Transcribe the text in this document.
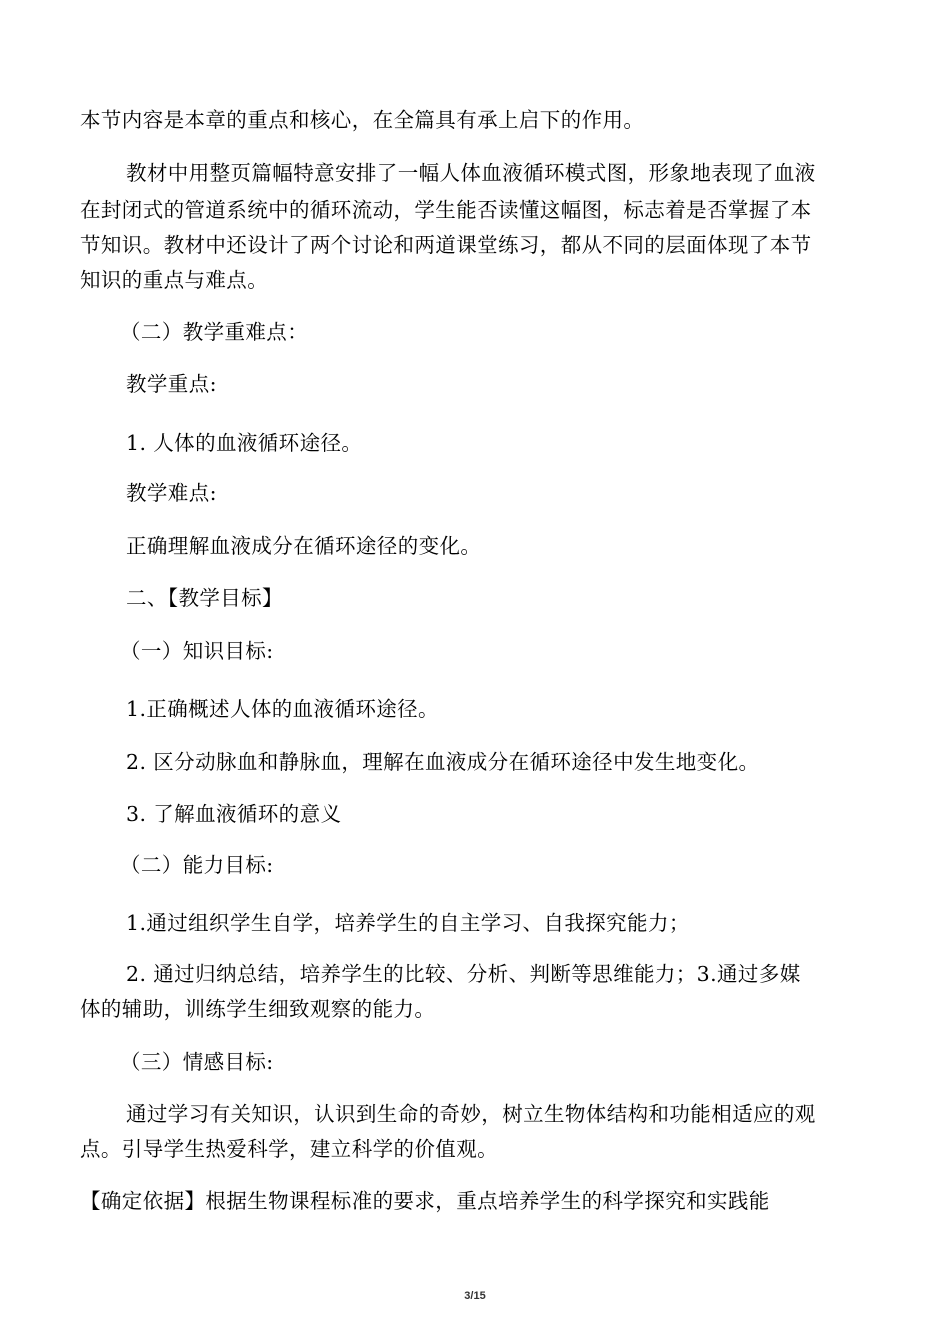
本节内容是本章的重点和核心，在全篇具有承上启下的作用。
教材中用整页篇幅特意安排了一幅人体血液循环模式图，形象地表现了血液
在封闭式的管道系统中的循环流动，学生能否读懂这幅图，标志着是否掌握了本
节知识。教材中还设计了两个讨论和两道课堂练习，都从不同的层面体现了本节
知识的重点与难点。
（二）教学重难点：
教学重点:
1. 人体的血液循环途径。
教学难点:
正确理解血液成分在循环途径的变化。
二、【教学目标】
（一）知识目标:
1.正确概述人体的血液循环途径。
2. 区分动脉血和静脉血，理解在血液成分在循环途径中发生地变化。
3. 了解血液循环的意义
（二）能力目标:
1.通过组织学生自学，培养学生的自主学习、自我探究能力；
2. 通过归纳总结，培养学生的比较、分析、判断等思维能力；3.通过多媒
体的辅助，训练学生细致观察的能力。
（三）情感目标:
通过学习有关知识，认识到生命的奇妙，树立生物体结构和功能相适应的观
点。引导学生热爱科学，建立科学的价值观。
【确定依据】根据生物课程标准的要求，重点培养学生的科学探究和实践能
3/15
